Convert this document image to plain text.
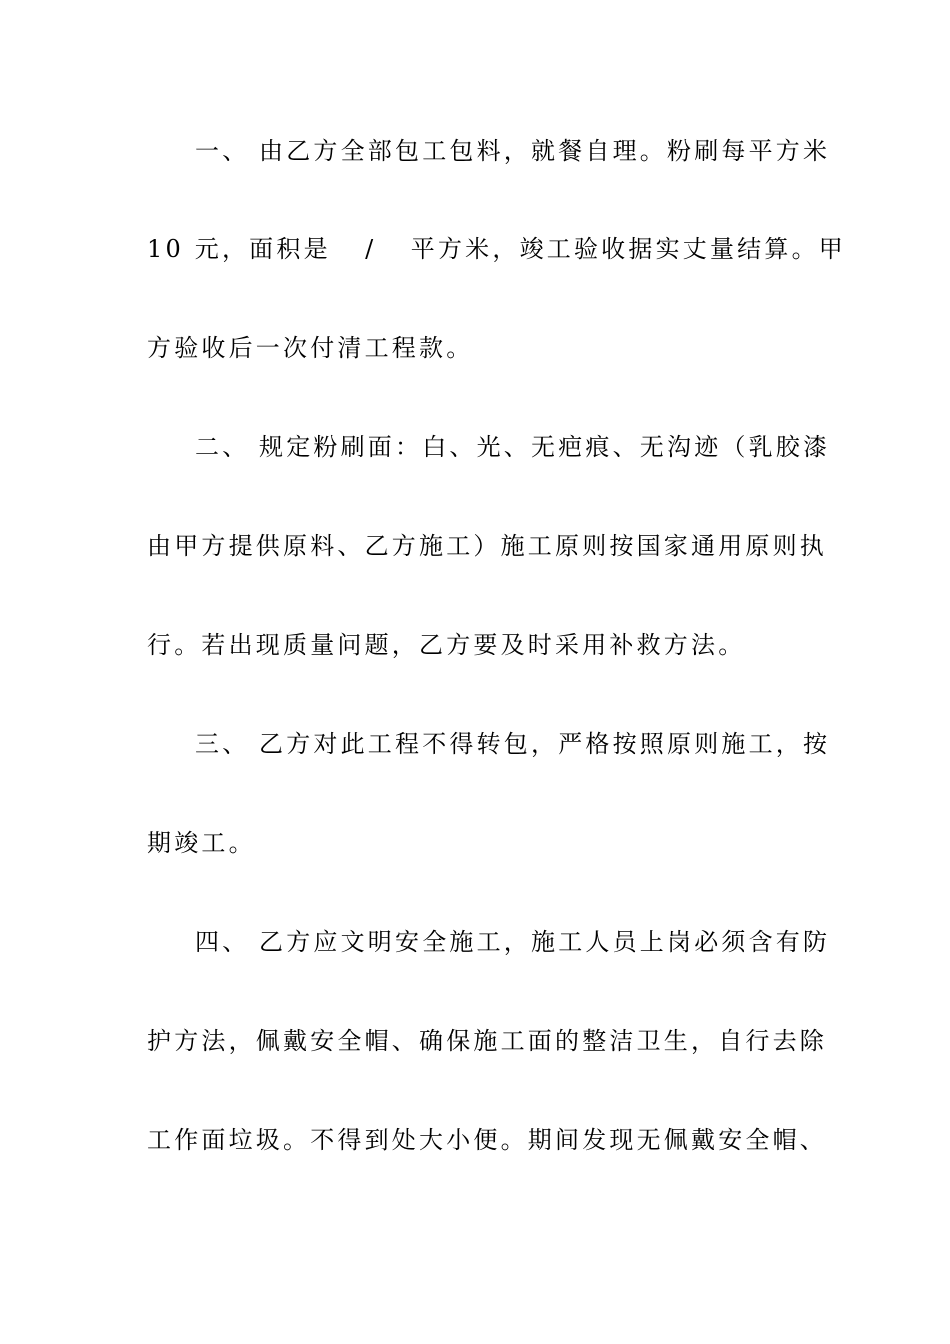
一、 由乙方全部包工包料，就餐自理。粉刷每平方米
10 元，面积是 / 平方米，竣工验收据实丈量结算。甲
方验收后一次付清工程款。
二、 规定粉刷面：白、光、无疤痕、无沟迹（乳胶漆
由甲方提供原料、乙方施工）施工原则按国家通用原则执
行。若出现质量问题，乙方要及时采用补救方法。
三、 乙方对此工程不得转包，严格按照原则施工，按
期竣工。
四、 乙方应文明安全施工，施工人员上岗必须含有防
护方法，佩戴安全帽、确保施工面的整洁卫生，自行去除
工作面垃圾。不得到处大小便。期间发现无佩戴安全帽、
